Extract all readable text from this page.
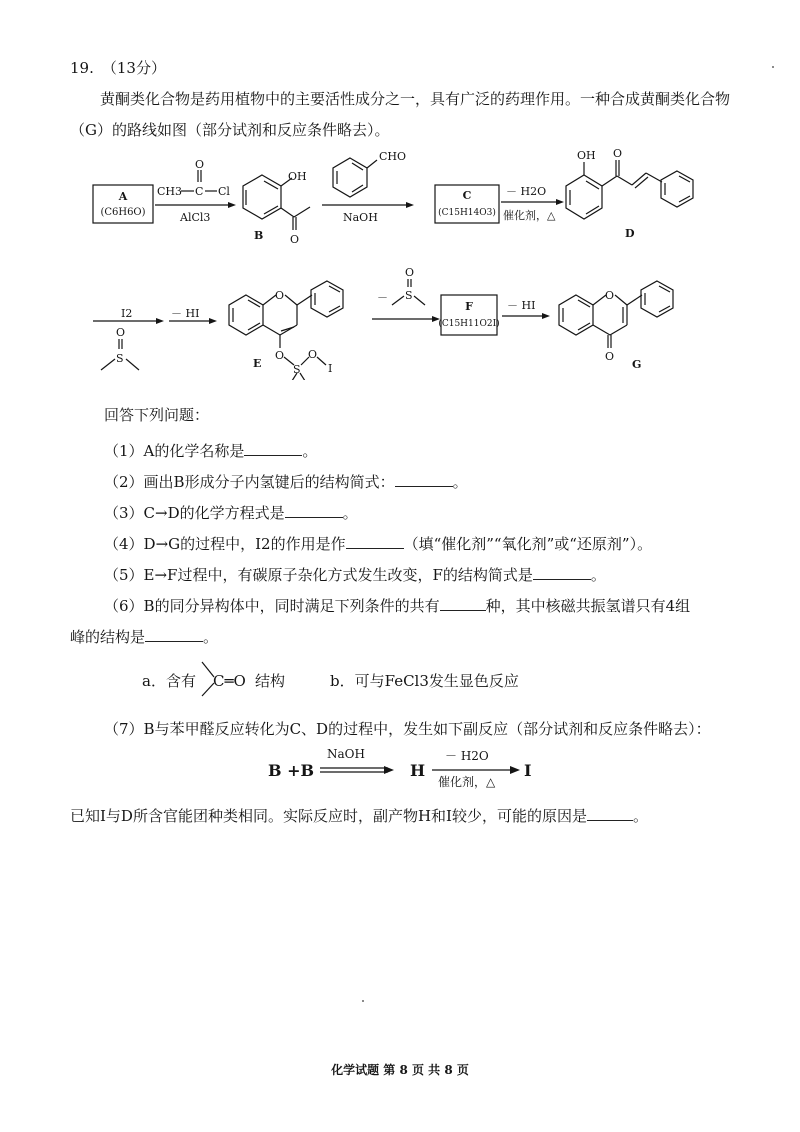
19. （13分）
黄酮类化合物是药用植物中的主要活性成分之一，具有广泛的药理作用。一种合成黄酮类化合物（G）的路线如图（部分试剂和反应条件略去）。
A
(C6H6O)
CH3 C Cl
O
AlCl3
OH
O
B
CHO
NaOH
C
(C15H14O3)
－ H2O
催化剂，△
OH O
D
I2
O
S
－ HI
O
O
S
O
I
E
－
O
S
F
(C15H11O2I)
－ HI
O
O
G
回答下列问题：
（1）A的化学名称是	。
（2）画出B形成分子内氢键后的结构简式：	。
（3）C→D的化学方程式是	。
（4）D→G的过程中，I2的作用是作	（填“催化剂”“氧化剂”或“还原剂”）。
（5）E→F过程中，有碳原子杂化方式发生改变，F的结构简式是	。
（6）B的同分异构体中，同时满足下列条件的共有	种，其中核磁共振氢谱只有4组
峰的结构是	。
a．含有 C═O 结构	b．可与FeCl3发生显色反应
（7）B与苯甲醛反应转化为C、D的过程中，发生如下副反应（部分试剂和反应条件略去）：
B +B
NaOH
H
－ H2O
催化剂，△
I
已知I与D所含官能团种类相同。实际反应时，副产物H和I较少，可能的原因是	。
化学试题 第 8 页 共 8 页
